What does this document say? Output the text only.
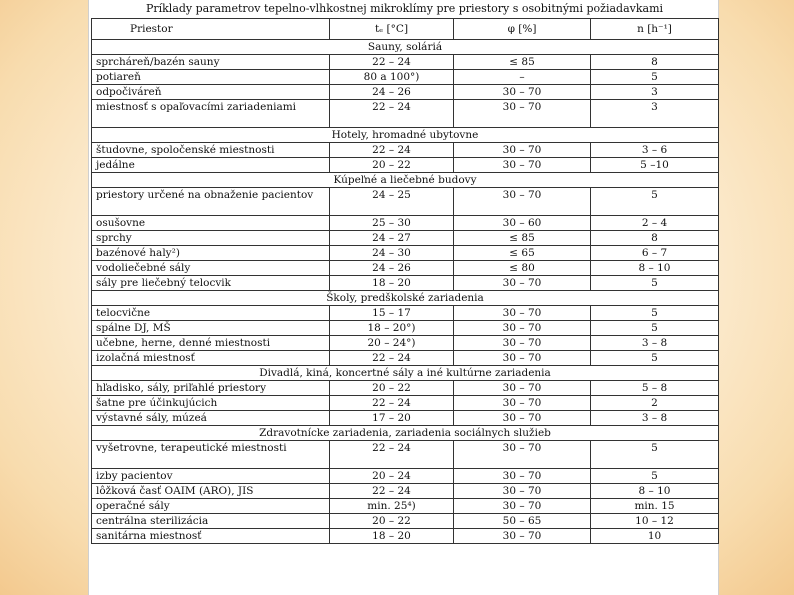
Príklady parametrov tepelno-vlhkostnej mikroklímy pre priestory s osobitnými požiadavkami
Priestor	tₑ [°C]	φ [%]	n [h⁻¹]
Sauny, soláriá			
sprcháreň/bazén sauny	22 – 24	≤ 85	8
potiareň	80 a 100°)	–	5
odpočiváreň	24 – 26	30 – 70	3
miestnosť s opaľovacími zariadeniami	22 – 24	30 – 70	3
Hotely, hromadné ubytovne			
študovne, spoločenské miestnosti	22 – 24	30 – 70	3 – 6
jedálne	20 – 22	30 – 70	5 –10
Kúpeľné a liečebné budovy			
priestory určené na obnaženie pacientov	24 – 25	30 – 70	5
osušovne	25 – 30	30 – 60	2 – 4
sprchy	24 – 27	≤ 85	8
bazénové haly²)	24 – 30	≤ 65	6 – 7
vodoliečebné sály	24 – 26	≤ 80	8 – 10
sály pre liečebný telocvik	18 – 20	30 – 70	5
Školy, predškolské zariadenia			
telocvične	15 – 17	30 – 70	5
spálne DJ, MŠ	18 – 20°)	30 – 70	5
učebne, herne, denné miestnosti	20 – 24°)	30 – 70	3 – 8
izolačná miestnosť	22 – 24	30 – 70	5
Divadlá, kiná, koncertné sály a iné kultúrne zariadenia			
hľadisko, sály, priľahlé priestory	20 – 22	30 – 70	5 – 8
šatne pre účinkujúcich	22 – 24	30 – 70	2
výstavné sály, múzeá	17 – 20	30 – 70	3 – 8
Zdravotnícke zariadenia, zariadenia sociálnych služieb			
vyšetrovne, terapeutické miestnosti	22 – 24	30 – 70	5
izby pacientov	20 – 24	30 – 70	5
lôžková časť OAIM (ARO), JIS	22 – 24	30 – 70	8 – 10
operačné sály	min. 25⁴)	30 – 70	min. 15
centrálna sterilizácia	20 – 22	50 – 65	10 – 12
sanitárna miestnosť	18 – 20	30 – 70	10
